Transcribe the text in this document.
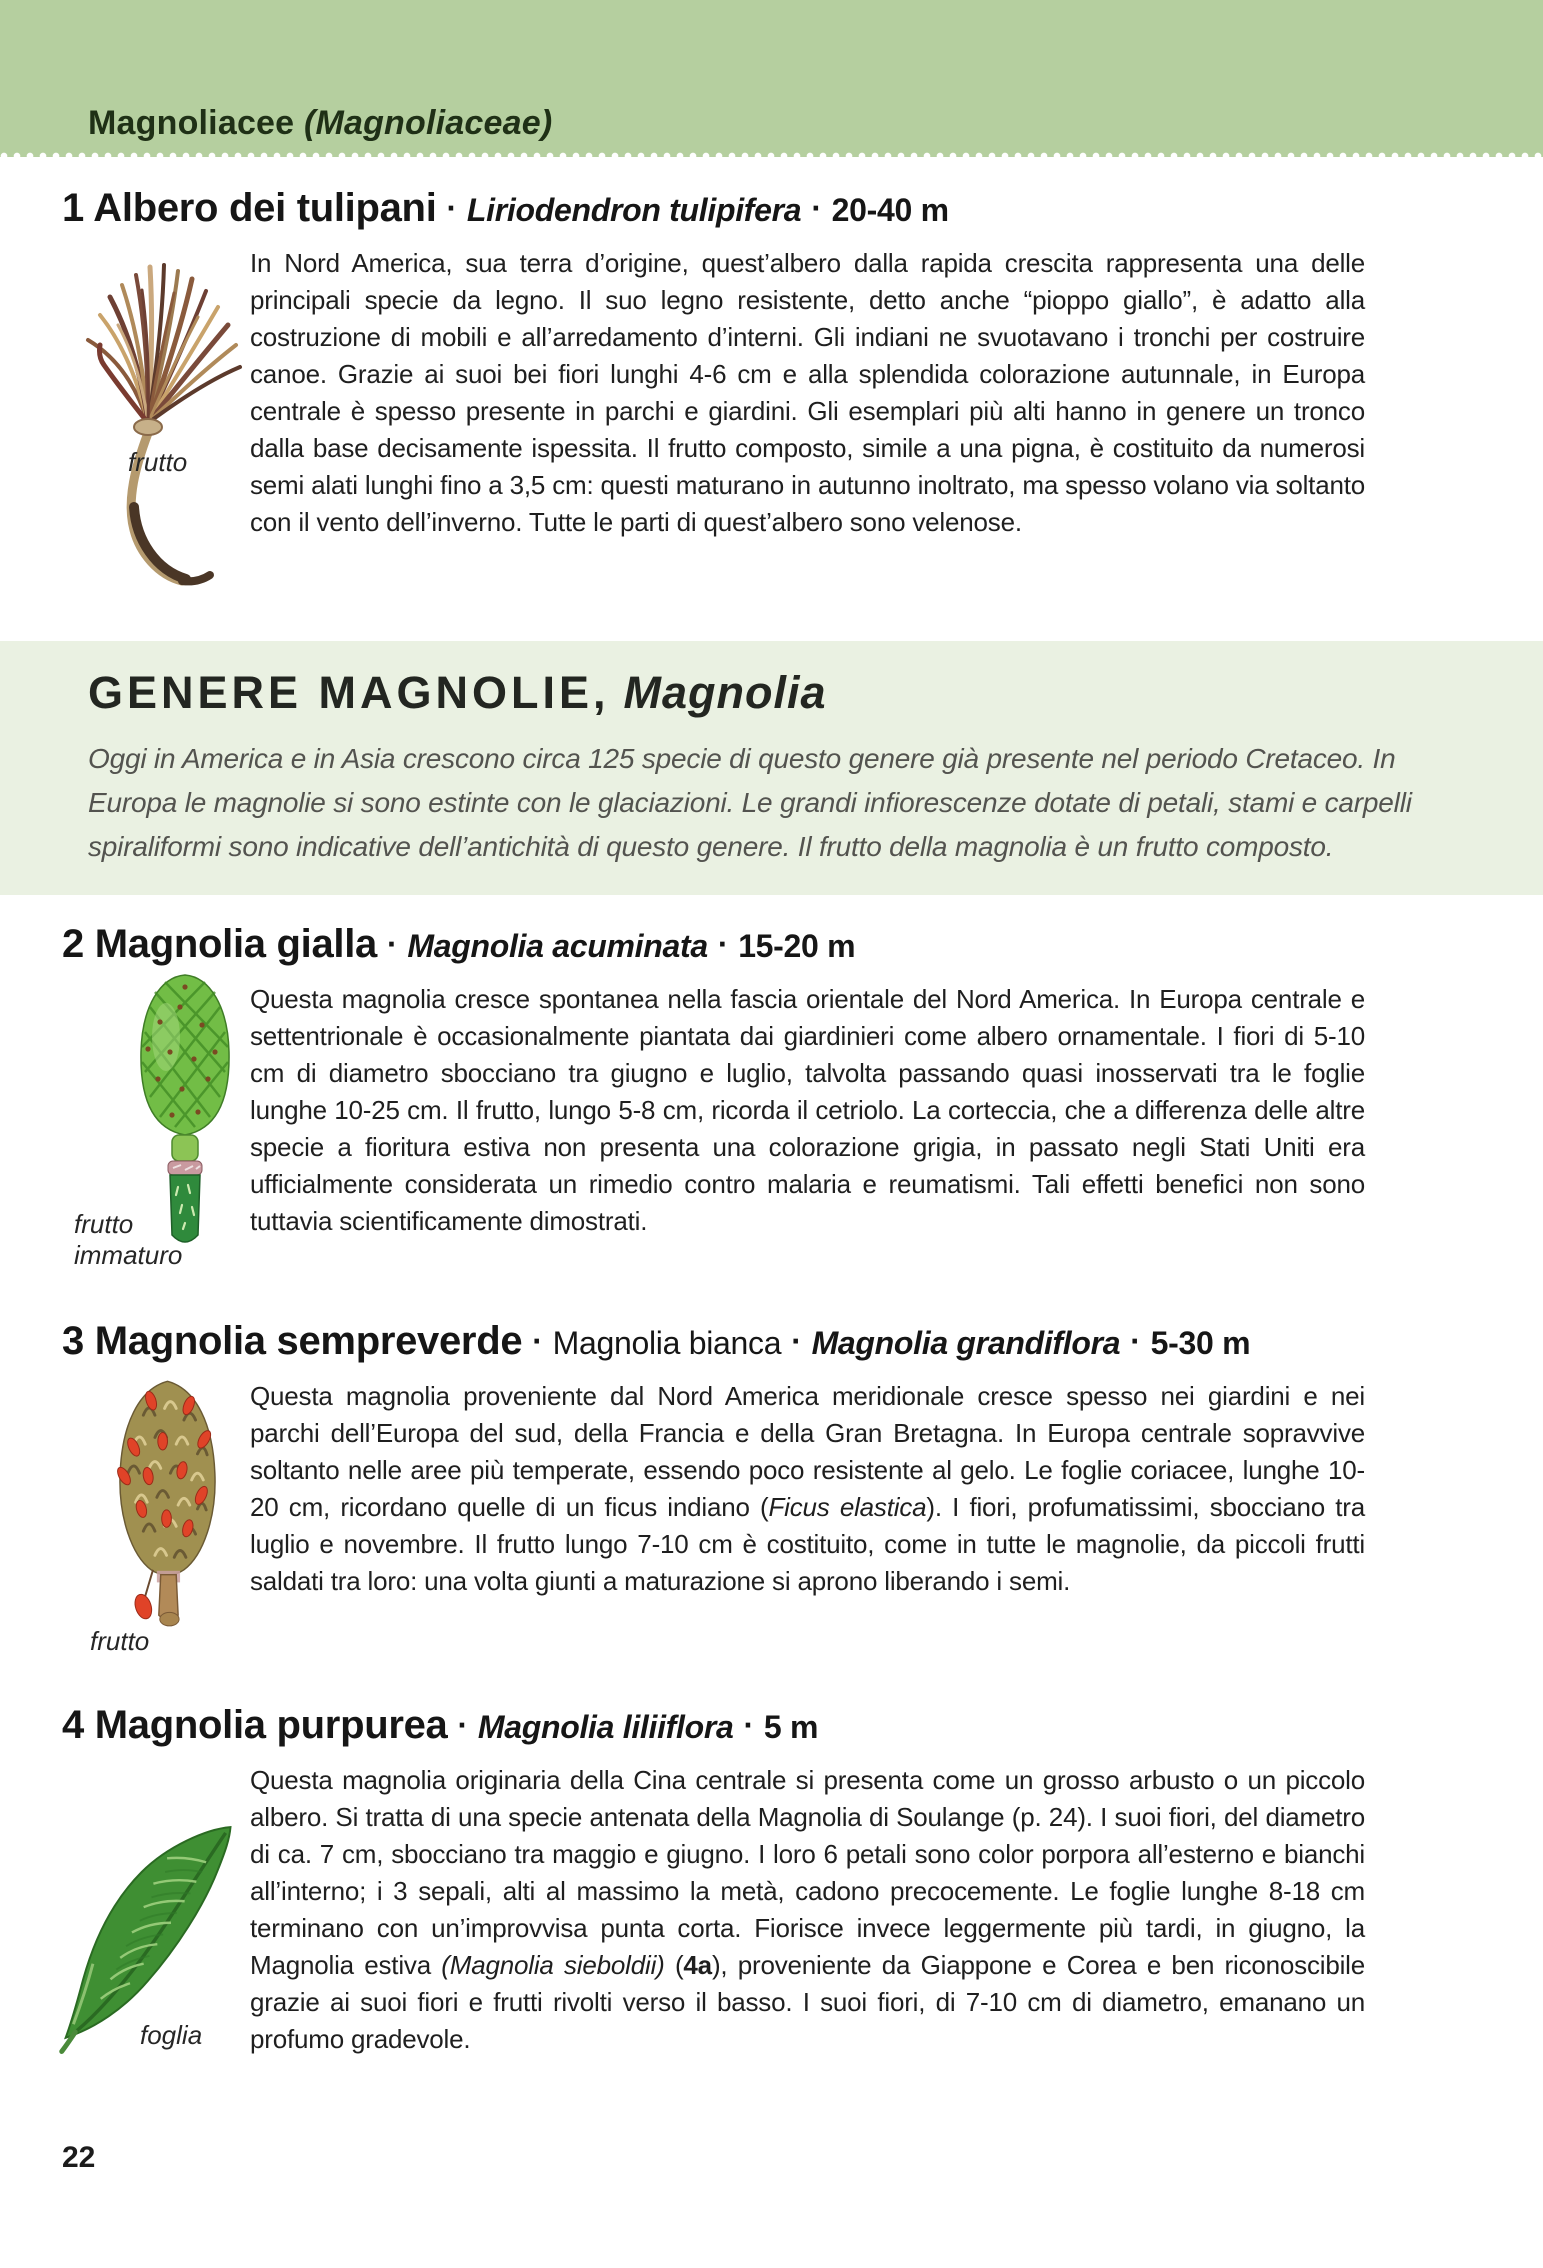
Magnoliacee (Magnoliaceae)
1 Albero dei tulipani · Liriodendron tulipifera · 20-40 m
frutto

In Nord America, sua terra d’origine, quest’albero dalla rapida crescita rappresenta una delle principali specie da legno. Il suo legno resistente, detto anche “pioppo giallo”, è adatto alla costruzione di mobili e all’arredamento d’interni. Gli indiani ne svuotavano i tronchi per costruire canoe. Grazie ai suoi bei fiori lunghi 4-6 cm e alla splendida colorazione autunnale, in Europa centrale è spesso presente in parchi e giardini. Gli esemplari più alti hanno in genere un tronco dalla base decisamente ispessita. Il frutto composto, simile a una pigna, è costituito da numerosi semi alati lunghi fino a 3,5 cm: questi maturano in autunno inoltrato, ma spesso volano via soltanto con il vento dell’inverno. Tutte le parti di quest’albero sono velenose.

GENERE MAGNOLIE, Magnolia

Oggi in America e in Asia crescono circa 125 specie di questo genere già presente nel periodo Cretaceo. In Europa le magnolie si sono estinte con le glaciazioni. Le grandi infiorescenze dotate di petali, stami e carpelli spiraliformi sono indicative dell’antichità di questo genere. Il frutto della magnolia è un frutto composto.

2 Magnolia gialla · Magnolia acuminata · 15-20 m
frutto immaturo

Questa magnolia cresce spontanea nella fascia orientale del Nord America. In Europa centrale e settentrionale è occasionalmente piantata dai giardinieri come albero ornamentale. I fiori di 5-10 cm di diametro sbocciano tra giugno e luglio, talvolta passando quasi inosservati tra le foglie lunghe 10-25 cm. Il frutto, lungo 5-8 cm, ricorda il cetriolo. La corteccia, che a differenza delle altre specie a fioritura estiva non presenta una colorazione grigia, in passato negli Stati Uniti era ufficialmente considerata un rimedio contro malaria e reumatismi. Tali effetti benefici non sono tuttavia scientificamente dimostrati.

3 Magnolia sempreverde · Magnolia bianca · Magnolia grandiflora · 5-30 m
frutto

Questa magnolia proveniente dal Nord America meridionale cresce spesso nei giardini e nei parchi dell’Europa del sud, della Francia e della Gran Bretagna. In Europa centrale sopravvive soltanto nelle aree più temperate, essendo poco resistente al gelo. Le foglie coriacee, lunghe 10-20 cm, ricordano quelle di un ficus indiano (Ficus elastica). I fiori, profumatissimi, sbocciano tra luglio e novembre. Il frutto lungo 7-10 cm è costituito, come in tutte le magnolie, da piccoli frutti saldati tra loro: una volta giunti a maturazione si aprono liberando i semi.

4 Magnolia purpurea · Magnolia liliiflora · 5 m
foglia

Questa magnolia originaria della Cina centrale si presenta come un grosso arbusto o un piccolo albero. Si tratta di una specie antenata della Magnolia di Soulange (p. 24). I suoi fiori, del diametro di ca. 7 cm, sbocciano tra maggio e giugno. I loro 6 petali sono color porpora all’esterno e bianchi all’interno; i 3 sepali, alti al massimo la metà, cadono precocemente. Le foglie lunghe 8-18 cm terminano con un’improvvisa punta corta. Fiorisce invece leggermente più tardi, in giugno, la Magnolia estiva (Magnolia sieboldii) (4a), proveniente da Giappone e Corea e ben riconoscibile grazie ai suoi fiori e frutti rivolti verso il basso. I suoi fiori, di 7-10 cm di diametro, emanano un profumo gradevole.

22
